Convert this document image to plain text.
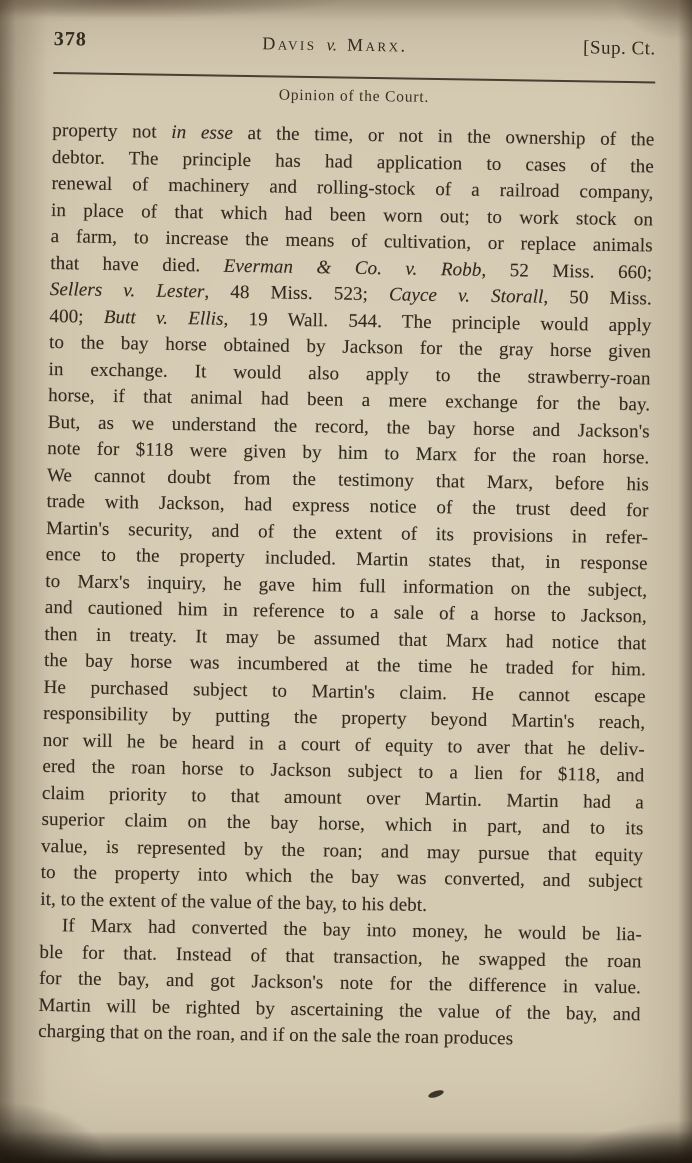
378	Davis v. Marx.	[Sup. Ct.
Opinion of the Court.
property not in esse at the time, or not in the ownership of the
debtor. The principle has had application to cases of the
renewal of machinery and rolling-stock of a railroad company,
in place of that which had been worn out; to work stock on
a farm, to increase the means of cultivation, or replace animals
that have died. Everman & Co. v. Robb, 52 Miss. 660;
Sellers v. Lester, 48 Miss. 523; Cayce v. Storall, 50 Miss.
400; Butt v. Ellis, 19 Wall. 544. The principle would apply
to the bay horse obtained by Jackson for the gray horse given
in exchange. It would also apply to the strawberry-roan
horse, if that animal had been a mere exchange for the bay.
But, as we understand the record, the bay horse and Jackson's
note for $118 were given by him to Marx for the roan horse.
We cannot doubt from the testimony that Marx, before his
trade with Jackson, had express notice of the trust deed for
Martin's security, and of the extent of its provisions in refer-
ence to the property included. Martin states that, in response
to Marx's inquiry, he gave him full information on the subject,
and cautioned him in reference to a sale of a horse to Jackson,
then in treaty. It may be assumed that Marx had notice that
the bay horse was incumbered at the time he traded for him.
He purchased subject to Martin's claim. He cannot escape
responsibility by putting the property beyond Martin's reach,
nor will he be heard in a court of equity to aver that he deliv-
ered the roan horse to Jackson subject to a lien for $118, and
claim priority to that amount over Martin. Martin had a
superior claim on the bay horse, which in part, and to its
value, is represented by the roan; and may pursue that equity
to the property into which the bay was converted, and subject
it, to the extent of the value of the bay, to his debt.
If Marx had converted the bay into money, he would be lia-
ble for that. Instead of that transaction, he swapped the roan
for the bay, and got Jackson's note for the difference in value.
Martin will be righted by ascertaining the value of the bay, and
charging that on the roan, and if on the sale the roan produces
